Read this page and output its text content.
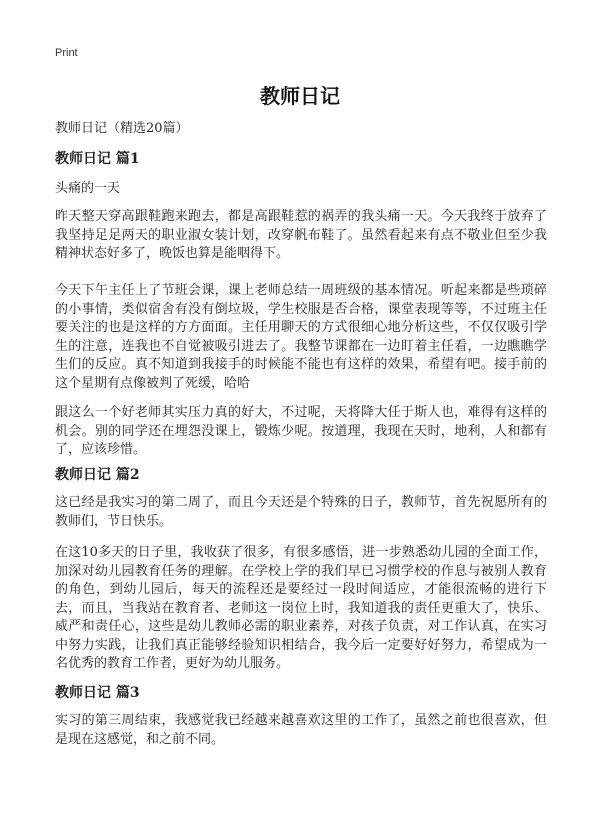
Print
教师日记
教师日记（精选20篇）
教师日记 篇1
头痛的一天
昨天整天穿高跟鞋跑来跑去，都是高跟鞋惹的祸弄的我头痛一天。今天我终于放弃了我坚持足足两天的职业淑女装计划，改穿帆布鞋了。虽然看起来有点不敬业但至少我精神状态好多了，晚饭也算是能咽得下。
今天下午主任上了节班会课，课上老师总结一周班级的基本情况。听起来都是些琐碎的小事情，类似宿舍有没有倒垃圾，学生校服是否合格，课堂表现等等，不过班主任要关注的也是这样的方方面面。主任用聊天的方式很细心地分析这些，不仅仅吸引学生的注意，连我也不自觉被吸引进去了。我整节课都在一边盯着主任看，一边瞧瞧学生们的反应。真不知道到我接手的时候能不能也有这样的效果，希望有吧。接手前的这个星期有点像被判了死缓，哈哈
跟这么一个好老师其实压力真的好大，不过呢，天将降大任于斯人也，难得有这样的机会。别的同学还在埋怨没课上，锻炼少呢。按道理，我现在天时，地利，人和都有了，应该珍惜。
教师日记 篇2
这已经是我实习的第二周了，而且今天还是个特殊的日子，教师节，首先祝愿所有的教师们，节日快乐。
在这10多天的日子里，我收获了很多，有很多感悟，进一步熟悉幼儿园的全面工作，加深对幼儿园教育任务的理解。在学校上学的我们早已习惯学校的作息与被别人教育的角色，到幼儿园后，每天的流程还是要经过一段时间适应，才能很流畅的进行下去，而且，当我站在教育者、老师这一岗位上时，我知道我的责任更重大了，快乐、威严和责任心，这些是幼儿教师必需的职业素养，对孩子负责，对工作认真，在实习中努力实践，让我们真正能够经验知识相结合，我今后一定要好好努力，希望成为一名优秀的教育工作者，更好为幼儿服务。
教师日记 篇3
实习的第三周结束，我感觉我已经越来越喜欢这里的工作了，虽然之前也很喜欢，但是现在这感觉，和之前不同。
